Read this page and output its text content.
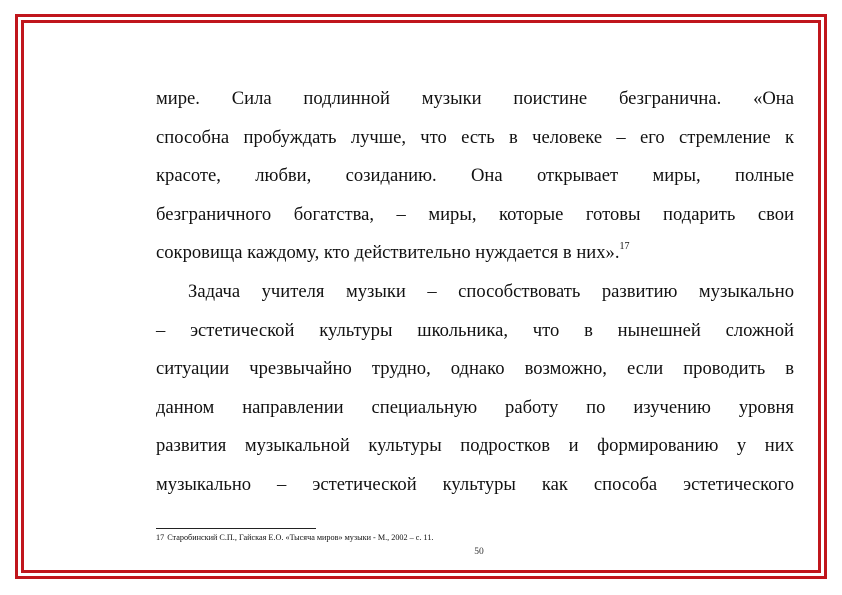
мире. Сила подлинной музыки поистине безгранична. «Она
способна пробуждать лучше, что есть в человеке – его стремление к
красоте, любви, созиданию. Она открывает миры, полные
безграничного богатства, – миры, которые готовы подарить свои
сокровища каждому, кто действительно нуждается в них».$^{17}$
Задача учителя музыки – способствовать развитию музыкально
– эстетической культуры школьника, что в нынешней сложной
ситуации чрезвычайно трудно, однако возможно, если проводить в
данном направлении специальную работу по изучению уровня
развития музыкальной культуры подростков и формированию у них
музыкально – эстетической культуры как способа эстетического
17 Старобинский С.П., Гайская Е.О. «Тысяча миров» музыки - М., 2002 – с. 11.
50
